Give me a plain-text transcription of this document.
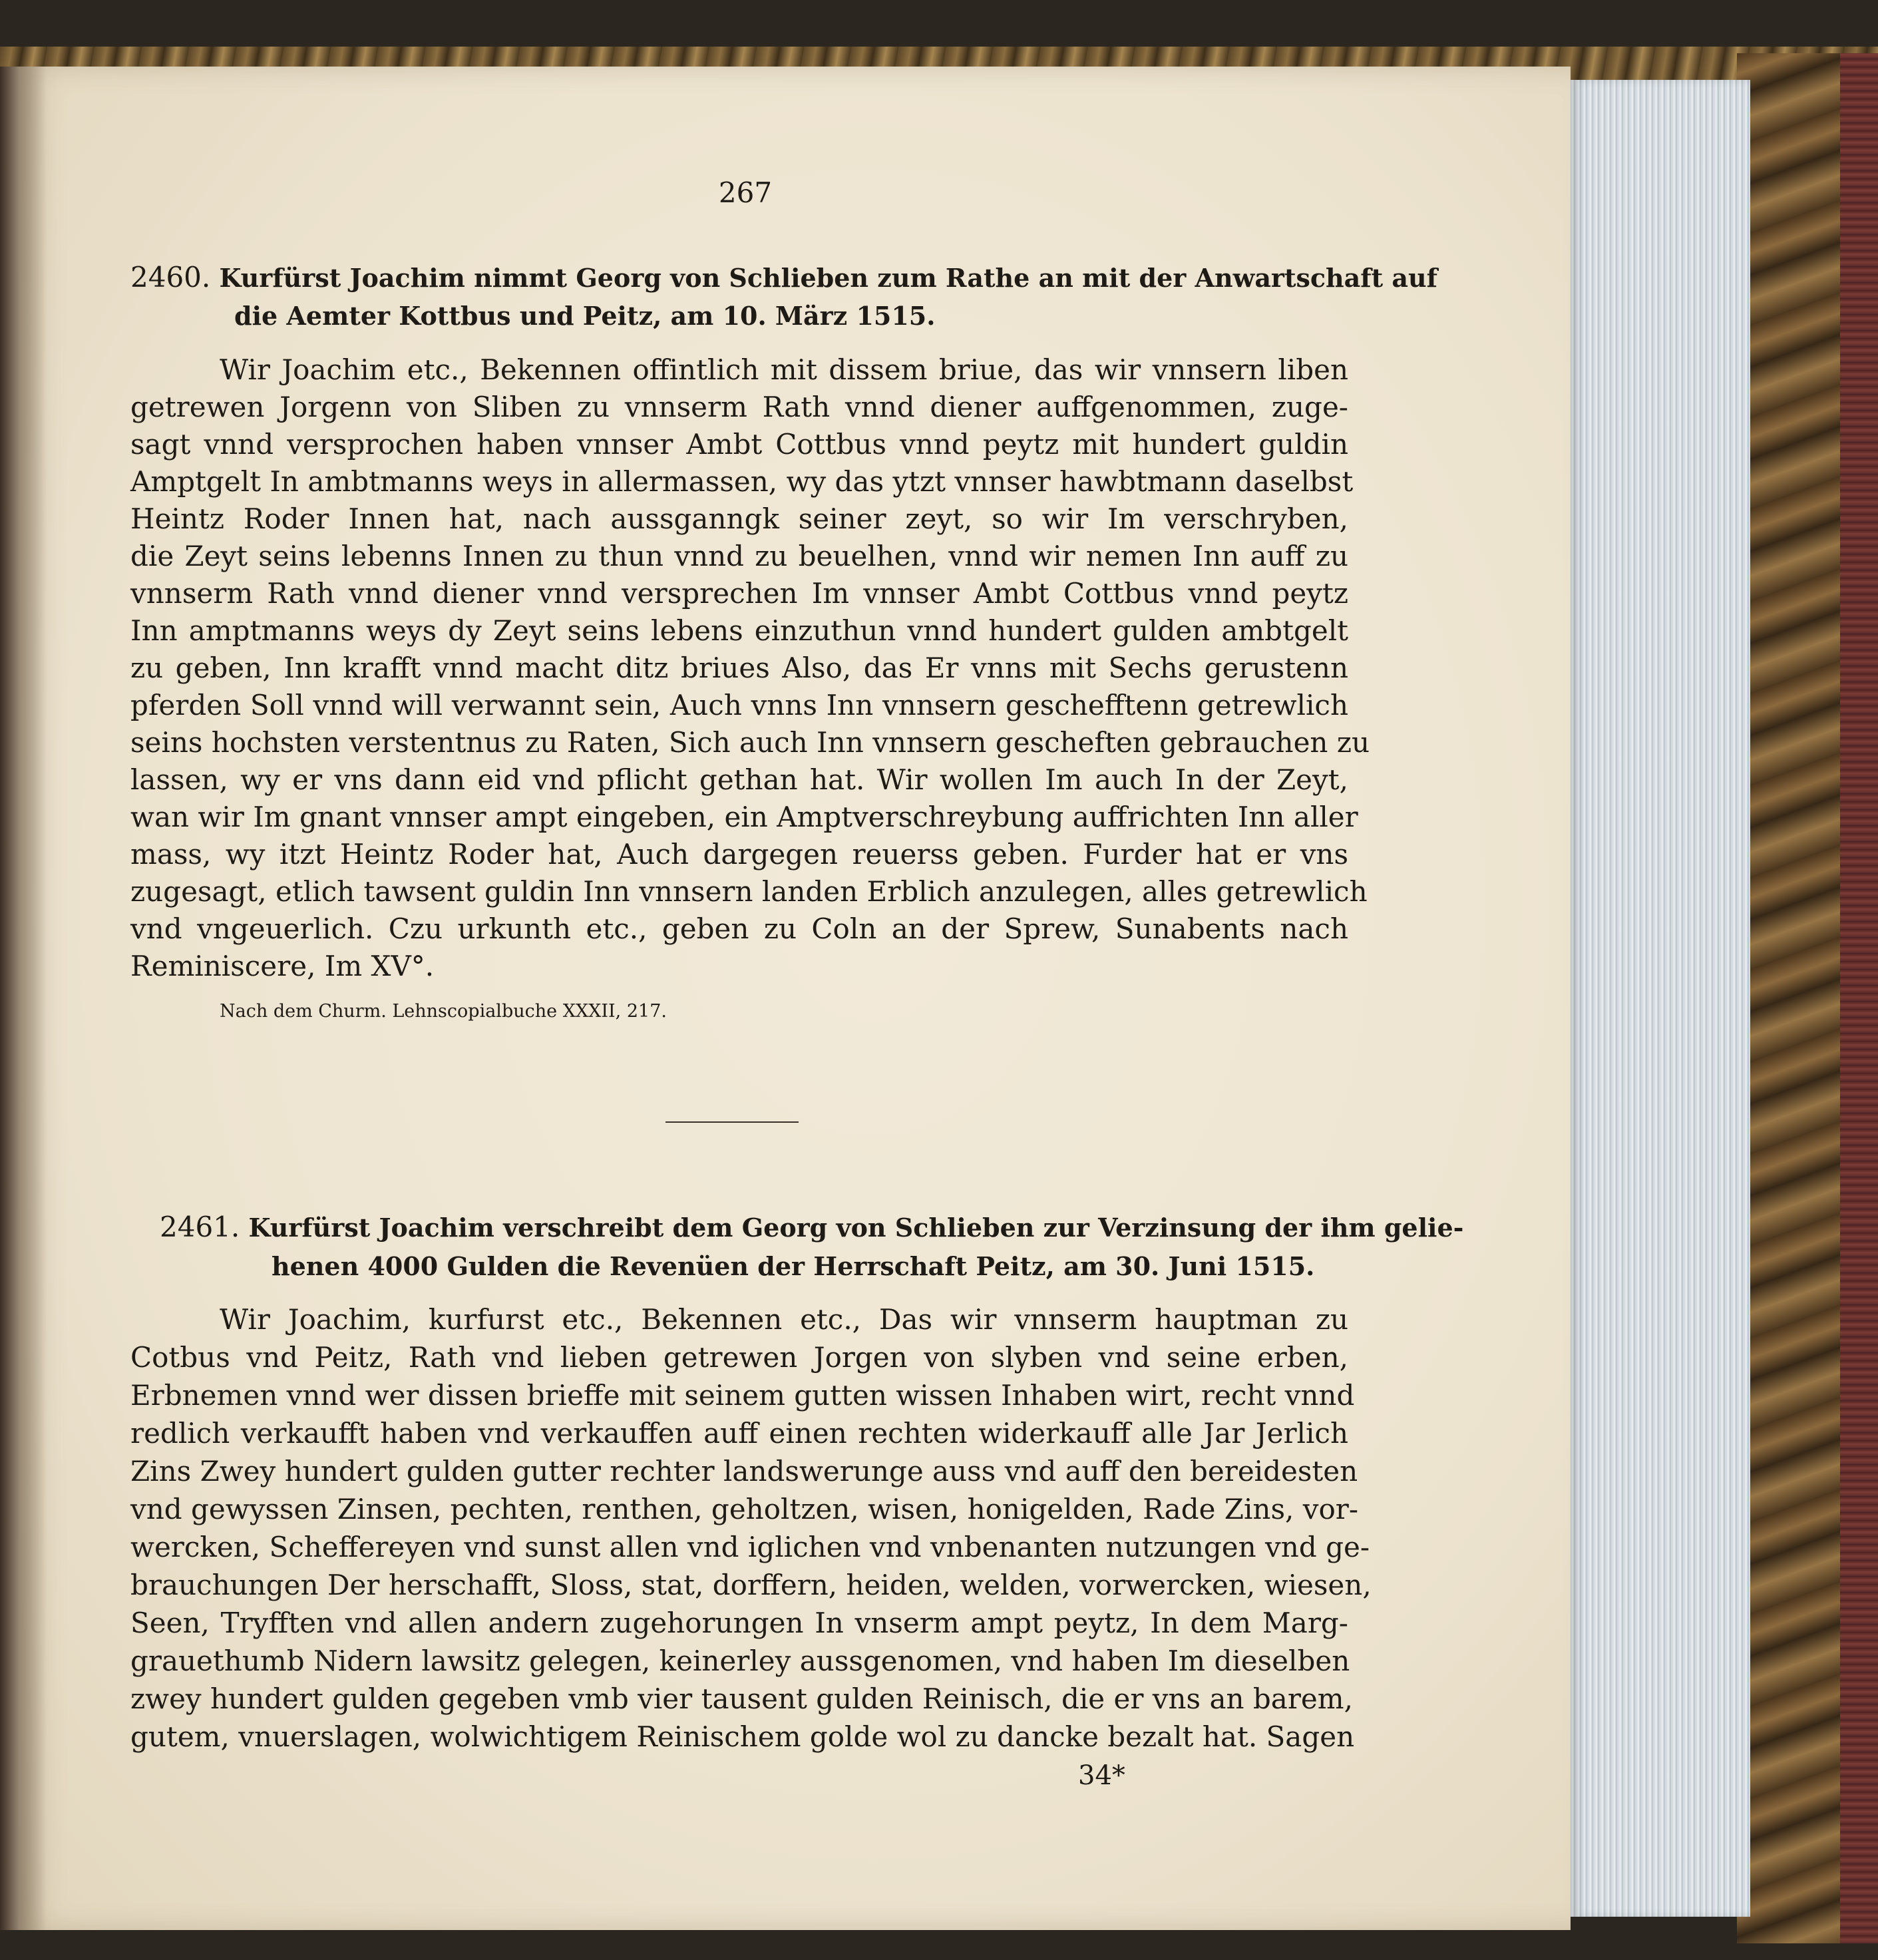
267
2460. Kurfürst Joachim nimmt Georg von Schlieben zum Rathe an mit der Anwartschaft auf
die Aemter Kottbus und Peitz, am 10. März 1515.
Wir Joachim etc., Bekennen offintlich mit dissem briue, das wir vnnsern liben
getrewen Jorgenn von Sliben zu vnnserm Rath vnnd diener auffgenommen, zuge-
sagt vnnd versprochen haben vnnser Ambt Cottbus vnnd peytz mit hundert guldin
Amptgelt In ambtmanns weys in allermassen, wy das ytzt vnnser hawbtmann daselbst
Heintz Roder Innen hat, nach aussganngk seiner zeyt, so wir Im verschryben,
die Zeyt seins lebenns Innen zu thun vnnd zu beuelhen, vnnd wir nemen Inn auff zu
vnnserm Rath vnnd diener vnnd versprechen Im vnnser Ambt Cottbus vnnd peytz
Inn amptmanns weys dy Zeyt seins lebens einzuthun vnnd hundert gulden ambtgelt
zu geben, Inn krafft vnnd macht ditz briues Also, das Er vnns mit Sechs gerustenn
pferden Soll vnnd will verwannt sein, Auch vnns Inn vnnsern geschefftenn getrewlich
seins hochsten verstentnus zu Raten, Sich auch Inn vnnsern gescheften gebrauchen zu
lassen, wy er vns dann eid vnd pflicht gethan hat. Wir wollen Im auch In der Zeyt,
wan wir Im gnant vnnser ampt eingeben, ein Amptverschreybung auffrichten Inn aller
mass, wy itzt Heintz Roder hat, Auch dargegen reuerss geben. Furder hat er vns
zugesagt, etlich tawsent guldin Inn vnnsern landen Erblich anzulegen, alles getrewlich
vnd vngeuerlich. Czu urkunth etc., geben zu Coln an der Sprew, Sunabents nach
Reminiscere, Im XV°.
Nach dem Churm. Lehnscopialbuche XXXII, 217.
2461. Kurfürst Joachim verschreibt dem Georg von Schlieben zur Verzinsung der ihm gelie-
henen 4000 Gulden die Revenüen der Herrschaft Peitz, am 30. Juni 1515.
Wir Joachim, kurfurst etc., Bekennen etc., Das wir vnnserm hauptman zu
Cotbus vnd Peitz, Rath vnd lieben getrewen Jorgen von slyben vnd seine erben,
Erbnemen vnnd wer dissen brieffe mit seinem gutten wissen Inhaben wirt, recht vnnd
redlich verkaufft haben vnd verkauffen auff einen rechten widerkauff alle Jar Jerlich
Zins Zwey hundert gulden gutter rechter landswerunge auss vnd auff den bereidesten
vnd gewyssen Zinsen, pechten, renthen, geholtzen, wisen, honigelden, Rade Zins, vor-
wercken, Scheffereyen vnd sunst allen vnd iglichen vnd vnbenanten nutzungen vnd ge-
brauchungen Der herschafft, Sloss, stat, dorffern, heiden, welden, vorwercken, wiesen,
Seen, Tryfften vnd allen andern zugehorungen In vnserm ampt peytz, In dem Marg-
grauethumb Nidern lawsitz gelegen, keinerley aussgenomen, vnd haben Im dieselben
zwey hundert gulden gegeben vmb vier tausent gulden Reinisch, die er vns an barem,
gutem, vnuerslagen, wolwichtigem Reinischem golde wol zu dancke bezalt hat. Sagen
34*
